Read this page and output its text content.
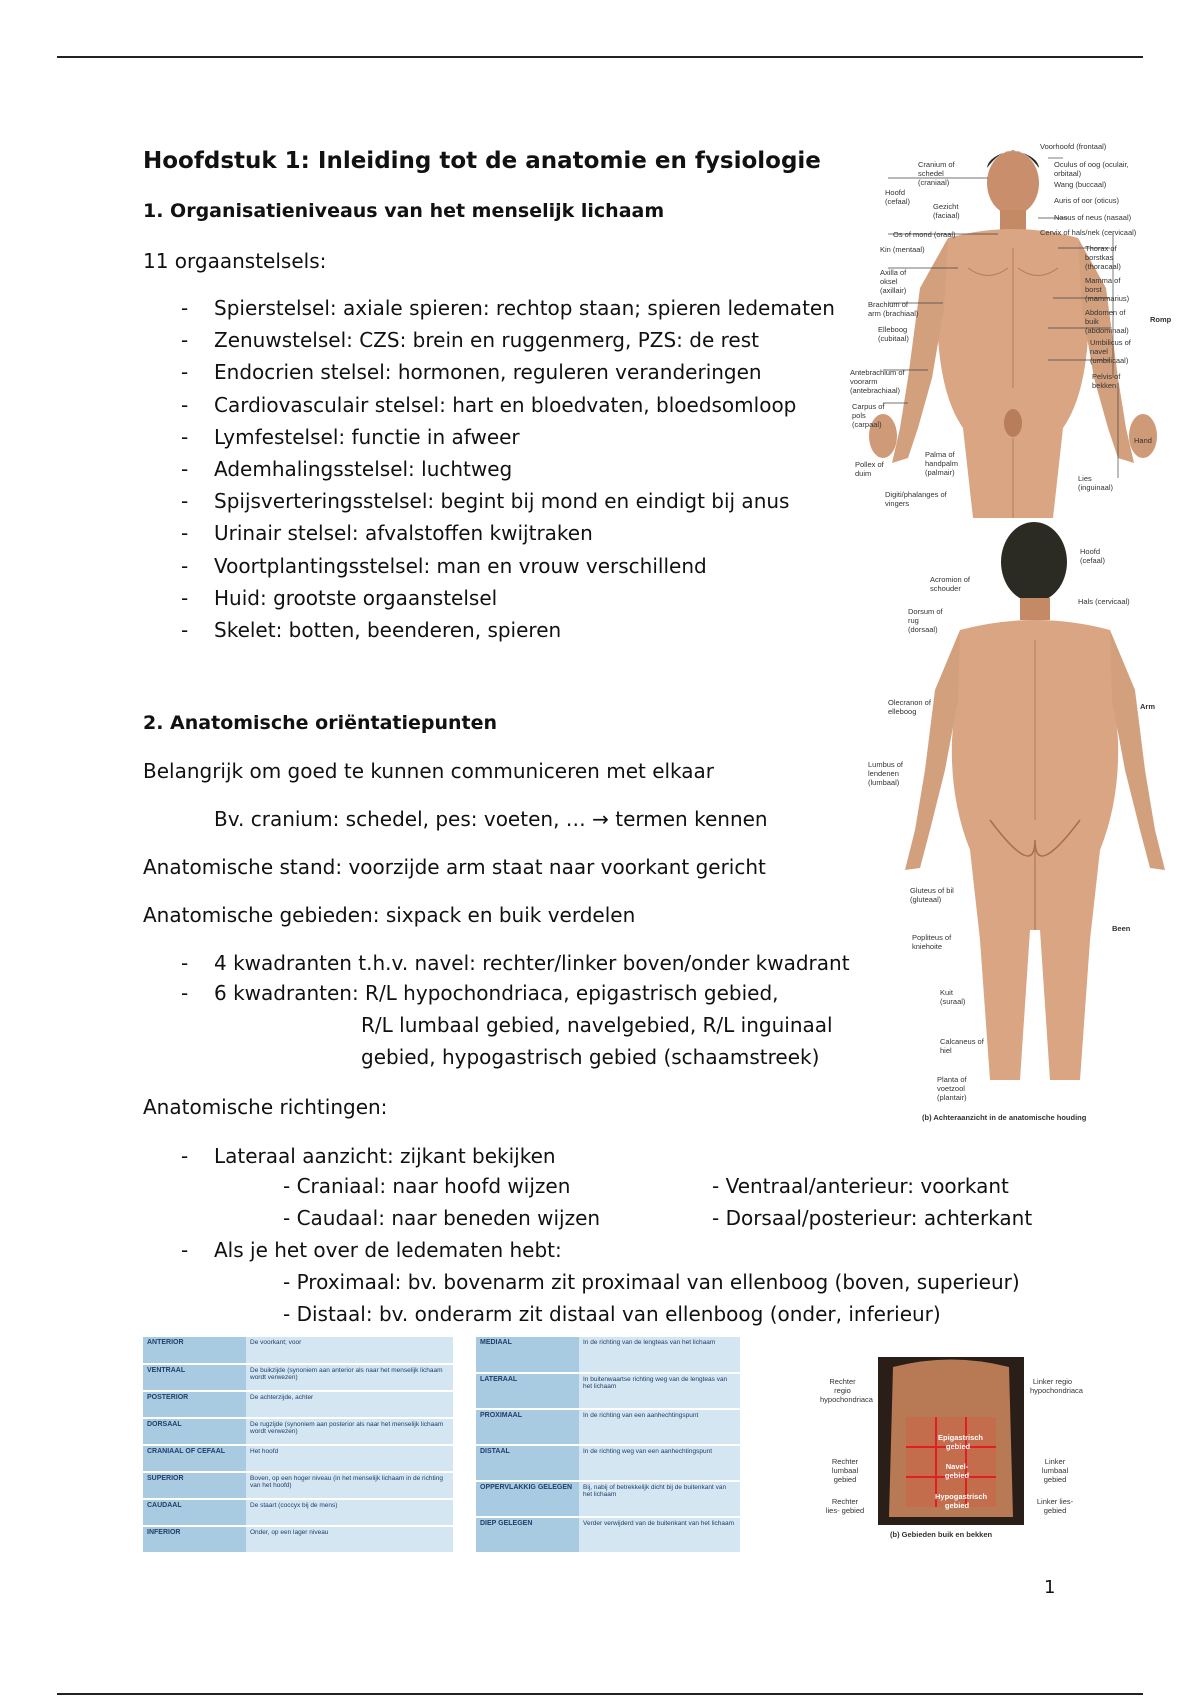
Hoofdstuk 1: Inleiding tot de anatomie en fysiologie
1. Organisatieniveaus van het menselijk lichaam
11 orgaanstelsels:
- Spierstelsel: axiale spieren: rechtop staan; spieren ledematen
- Zenuwstelsel: CZS: brein en ruggenmerg, PZS: de rest
- Endocrien stelsel: hormonen, reguleren veranderingen
- Cardiovasculair stelsel: hart en bloedvaten, bloedsomloop
- Lymfestelsel: functie in afweer
- Ademhalingsstelsel: luchtweg
- Spijsverteringsstelsel: begint bij mond en eindigt bij anus
- Urinair stelsel: afvalstoffen kwijtraken
- Voortplantingsstelsel: man en vrouw verschillend
- Huid: grootste orgaanstelsel
- Skelet: botten, beenderen, spieren
2. Anatomische oriëntatiepunten
Belangrijk om goed te kunnen communiceren met elkaar
Bv. cranium: schedel, pes: voeten, … → termen kennen
Anatomische stand: voorzijde arm staat naar voorkant gericht
Anatomische gebieden: sixpack en buik verdelen
- 4 kwadranten t.h.v. navel: rechter/linker boven/onder kwadrant
- 6 kwadranten: R/L hypochondriaca, epigastrisch gebied,
R/L lumbaal gebied, navelgebied, R/L inguinaal
gebied, hypogastrisch gebied (schaamstreek)
Anatomische richtingen:
- Lateraal aanzicht: zijkant bekijken
- Craniaal: naar hoofd wijzen	- Ventraal/anterieur: voorkant
- Caudaal: naar beneden wijzen	- Dorsaal/posterieur: achterkant
- Als je het over de ledematen hebt:
- Proximaal: bv. bovenarm zit proximaal van ellenboog (boven, superieur)
- Distaal: bv. onderarm zit distaal van ellenboog (onder, inferieur)
Cranium of schedel (craniaal)
Hoofd (cefaal)
Gezicht (faciaal)
Os of mond (oraal)
Kin (mentaal)
Axilla of oksel (axillair)
Brachium of arm (brachiaal)
Elleboog (cubitaal)
Antebrachium of voorarm (antebrachiaal)
Carpus of pols (carpaal)
Pollex of duim
Palma of handpalm (palmair)
Digiti/phalanges of vingers
Voorhoofd (frontaal)
Oculus of oog (oculair, orbitaal)
Wang (buccaal)
Auris of oor (oticus)
Nasus of neus (nasaal)
Cervix of hals/nek (cervicaal)
Thorax of borstkas (thoracaal)
Mamma of borst (mammarius)
Abdomen of buik (abdominaal)
Umbilicus of navel (umbilicaal)
Pelvis of bekken
Romp
Hand
Lies (inguinaal)
Acromion of schouder
Dorsum of rug (dorsaal)
Olecranon of elleboog
Lumbus of lendenen (lumbaal)
Gluteus of bil (gluteaal)
Popliteus of kniehoite
Kuit (suraal)
Calcaneus of hiel
Planta of voetzool (plantair)
Hoofd (cefaal)
Hals (cervicaal)
Arm
Been
(b) Achteraanzicht in de anatomische houding
ANTERIOR	De voorkant; voor
VENTRAAL	De buikzijde (synoniem aan anterior als naar het menselijk lichaam wordt verwezen)
POSTERIOR	De achterzijde, achter
DORSAAL	De rugzijde (synoniem aan posterior als naar het menselijk lichaam wordt verwezen)
CRANIAAL OF CEFAAL	Het hoofd
SUPERIOR	Boven, op een hoger niveau (in het menselijk lichaam in de richting van het hoofd)
CAUDAAL	De staart (coccyx bij de mens)
INFERIOR	Onder, op een lager niveau
MEDIAAL	In de richting van de lengteas van het lichaam
LATERAAL	In buitenwaartse richting weg van de lengteas van het lichaam
PROXIMAAL	In de richting van een aanhechtingspunt
DISTAAL	In de richting weg van een aanhechtingspunt
OPPERVLAKKIG GELEGEN	Bij, nabij of betrekkelijk dicht bij de buitenkant van het lichaam
DIEP GELEGEN	Verder verwijderd van de buitenkant van het lichaam
Epigastrisch gebied
Navel- gebied
Hypogastrisch gebied
Rechter regio hypochondriaca
Linker regio hypochondriaca
Rechter lumbaal gebied
Linker lumbaal gebied
Rechter lies- gebied
Linker lies- gebied
(b) Gebieden buik en bekken
1
